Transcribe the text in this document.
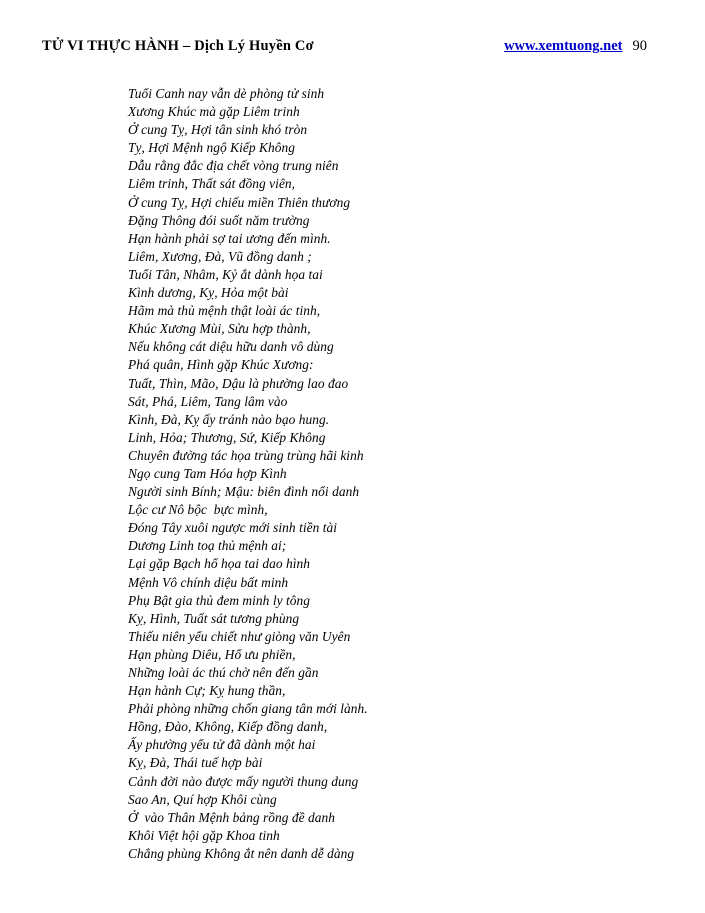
TỬ VI THỰC HÀNH – Dịch Lý Huyền Cơ	www.xemtuong.net 90
Tuổi Canh nay vẫn dè phòng tử sinh
Xương Khúc mà gặp Liêm trinh
Ở cung Tỵ, Hợi tân sinh khó tròn
Tỵ, Hợi Mệnh ngộ Kiếp Không
Dẫu rằng đắc địa chết vòng trung niên
Liêm trinh, Thất sát đồng viên,
Ở cung Tỵ, Hợi chiếu miền Thiên thương
Đặng Thông đói suốt năm trường
Hạn hành phải sợ tai ương đến mình.
Liêm, Xương, Đà, Vũ đồng danh ;
Tuổi Tân, Nhâm, Kỷ ắt dành họa tai
Kình dương, Kỵ, Hỏa một bài
Hãm mà thủ mệnh thật loài ác tinh,
Khúc Xương Mùi, Sửu hợp thành,
Nếu không cát diệu hữu danh vô dùng
Phá quân, Hình gặp Khúc Xương:
Tuất, Thìn, Mão, Dậu là phường lao đao
Sát, Phá, Liêm, Tang lâm vào
Kình, Đà, Kỵ ấy tránh nào bạo hung.
Linh, Hỏa; Thương, Sứ, Kiếp Không
Chuyên đường tác họa trùng trùng hãi kinh
Ngọ cung Tam Hóa hợp Kình
Người sinh Bính; Mậu: biên đình nổi danh
Lộc cư Nô bộc  bực mình,
Đóng Tây xuôi ngược mới sinh tiền tài
Dương Linh toạ thủ mệnh ai;
Lại gặp Bạch hổ họa tai dao hình
Mệnh Vô chính diệu bất minh
Phụ Bật gia thủ đem minh ly tông
Kỵ, Hình, Tuất sát tương phùng
Thiếu niên yểu chiết như giòng văn Uyên
Hạn phùng Diêu, Hổ ưu phiền,
Những loài ác thú chờ nên đến gần
Hạn hành Cự; Kỵ hung thần,
Phải phòng những chốn giang tân mới lành.
Hồng, Đào, Không, Kiếp đồng danh,
Ấy phường yểu tử đã dành một hai
Kỵ, Đà, Thái tuế hợp bài
Cảnh đời nào được mấy người thung dung
Sao An, Quí hợp Khôi cùng
Ở  vào Thân Mệnh bảng rồng đề danh
Khôi Việt hội gặp Khoa tinh
Chẳng phùng Không ắt nên danh dễ dàng
